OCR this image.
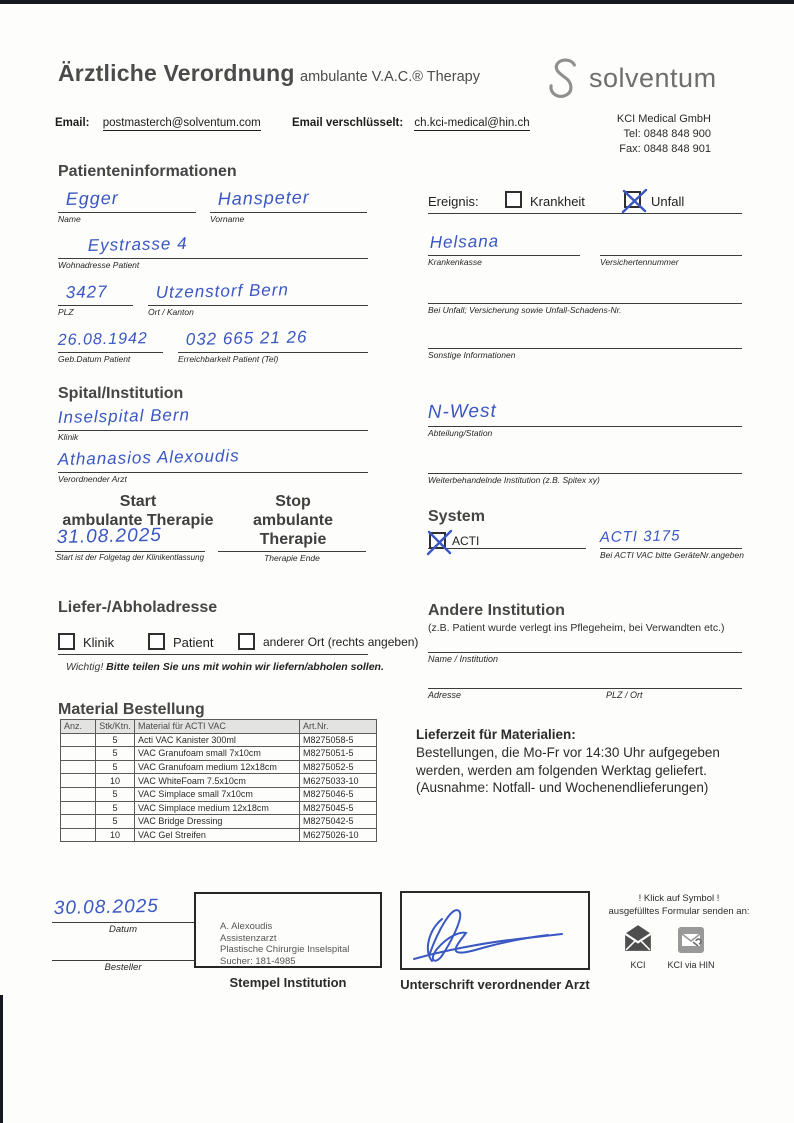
Ärztliche Verordnung ambulante V.A.C.® Therapy	solventum
KCI Medical GmbH
Tel: 0848 848 900
Fax: 0848 848 901
Email: postmasterch@solventum.com	Email verschlüsselt: ch.kci-medical@hin.ch
Patienteninformationen
Egger
Name
Hanspeter
Vorname
Eystrasse 4
Wohnadresse Patient
3427
PLZ
Utzenstorf Bern
Ort / Kanton
26.08.1942
Geb.Datum Patient
032 665 21 26
Erreichbarkeit Patient (Tel)
Ereignis:	Krankheit	Unfall
Helsana
Krankenkasse	Versichertennummer
Bei Unfall; Versicherung sowie Unfall-Schadens-Nr.
Sonstige Informationen
Spital/Institution
Inselspital Bern
Klinik
Athanasios Alexoudis
Verordnender Arzt
Start
ambulante Therapie
Stop
ambulante Therapie
31.08.2025
Start ist der Folgetag der Klinikentlassung	Therapie Ende
N-West
Abteilung/Station
Weiterbehandelnde Institution (z.B. Spitex xy)
System
ACTI	ACTI 3175
Bei ACTI VAC bitte GeräteNr.angeben
Liefer-/Abholadresse
Klinik	Patient	anderer Ort (rechts angeben)
Wichtig! Bitte teilen Sie uns mit wohin wir liefern/abholen sollen.
Material Bestellung
Anz.	Stk/Ktn.	Material für ACTI VAC	Art.Nr.
	5	Acti VAC Kanister 300ml	M8275058-5
	5	VAC Granufoam small 7x10cm	M8275051-5
	5	VAC Granufoam medium 12x18cm	M8275052-5
	10	VAC WhiteFoam 7.5x10cm	M6275033-10
	5	VAC Simplace small 7x10cm	M8275046-5
	5	VAC Simplace medium 12x18cm	M8275045-5
	5	VAC Bridge Dressing	M8275042-5
	10	VAC Gel Streifen	M6275026-10
Andere Institution
(z.B. Patient wurde verlegt ins Pflegeheim, bei Verwandten etc.)
Name / Institution
Adresse	PLZ / Ort
Lieferzeit für Materialien:
Bestellungen, die Mo-Fr vor 14:30 Uhr aufgegeben
werden, werden am folgenden Werktag geliefert.
(Ausnahme: Notfall- und Wochenendlieferungen)
30.08.2025
Datum
Besteller
A. Alexoudis
Assistenzarzt
Plastische Chirurgie Inselspital
Sucher: 181-4985
Stempel Institution	Unterschrift verordnender Arzt
! Klick auf Symbol !
ausgefülltes Formular senden an:
KCI	KCI via HIN
